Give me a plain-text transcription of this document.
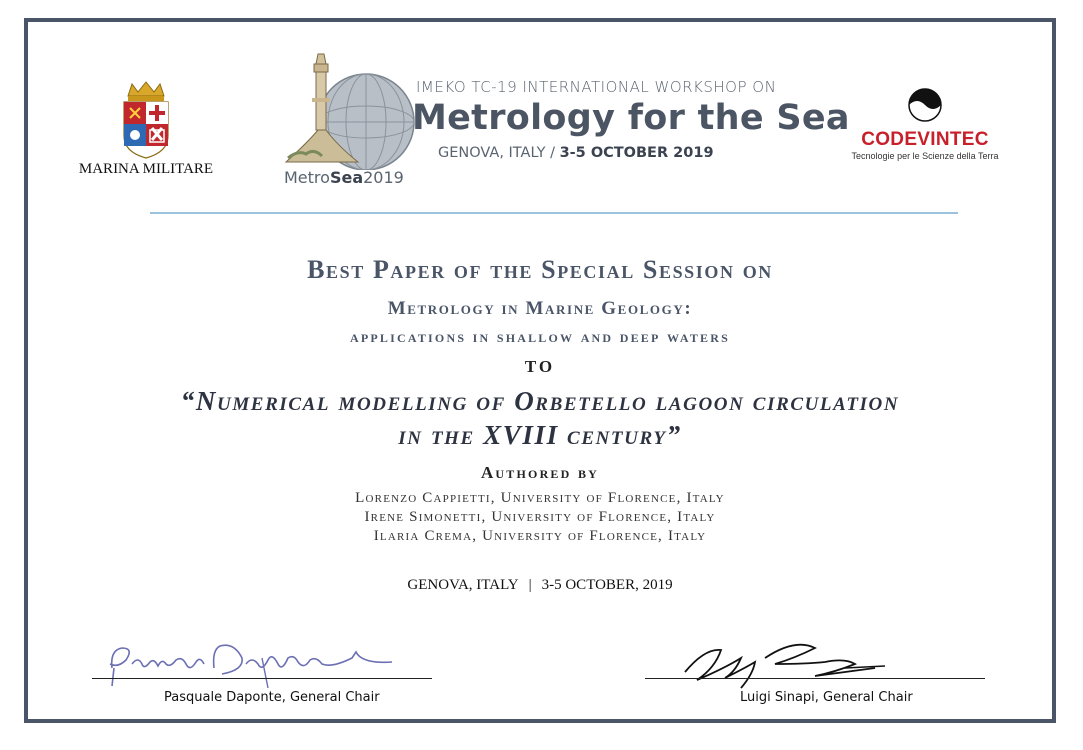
MARINA MILITARE
IMEKO TC-19 INTERNATIONAL WORKSHOP ON
Metrology for the Sea
GENOVA, ITALY / 3-5 OCTOBER 2019
MetroSea2019
CODEVINTEC
Tecnologie per le Scienze della Terra
Best Paper of the Special Session on
Metrology in Marine Geology:
applications in shallow and deep waters
TO
“Numerical modelling of Orbetello lagoon circulation
in the XVIII century”
Authored by
Lorenzo Cappietti, University of Florence, Italy
Irene Simonetti, University of Florence, Italy
Ilaria Crema, University of Florence, Italy
GENOVA, ITALY | 3-5 OCTOBER, 2019
Pasquale Daponte, General Chair	Luigi Sinapi, General Chair
